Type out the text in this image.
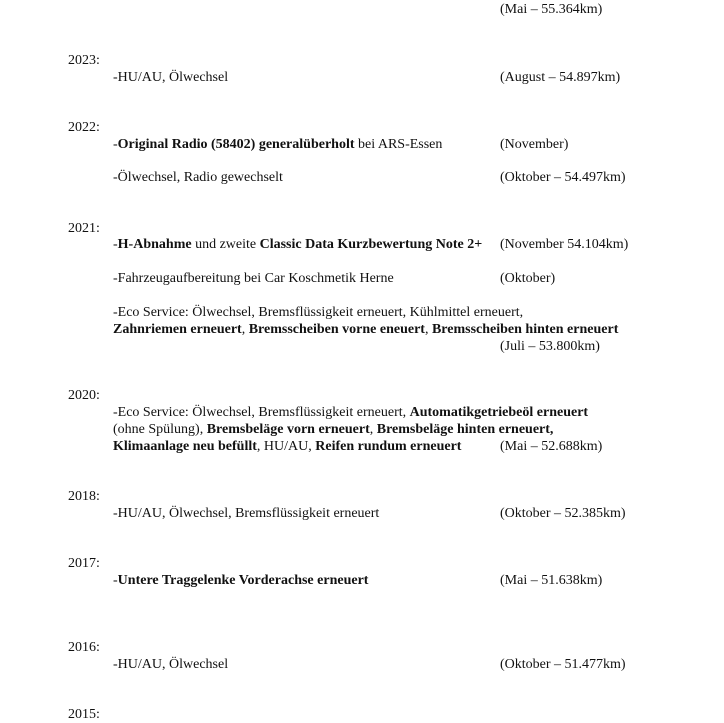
(Mai – 55.364km)
2023:
-HU/AU, Ölwechsel	(August – 54.897km)
2022:
-Original Radio (58402) generalüberholt bei ARS-Essen	(November)
-Ölwechsel, Radio gewechselt	(Oktober – 54.497km)
2021:
-H-Abnahme und zweite Classic Data Kurzbewertung Note 2+ (November 54.104km)
-Fahrzeugaufbereitung bei Car Koschmetik Herne	(Oktober)
-Eco Service: Ölwechsel, Bremsflüssigkeit erneuert, Kühlmittel erneuert,
Zahnriemen erneuert, Bremsscheiben vorne eneuert, Bremsscheiben hinten erneuert
(Juli – 53.800km)
2020:
-Eco Service: Ölwechsel, Bremsflüssigkeit erneuert, Automatikgetriebeöl erneuert
(ohne Spülung), Bremsbeläge vorn erneuert, Bremsbeläge hinten erneuert,
Klimaanlage neu befüllt, HU/AU, Reifen rundum erneuert	(Mai – 52.688km)
2018:
-HU/AU, Ölwechsel, Bremsflüssigkeit erneuert	(Oktober – 52.385km)
2017:
-Untere Traggelenke Vorderachse erneuert	(Mai – 51.638km)
2016:
-HU/AU, Ölwechsel	(Oktober – 51.477km)
2015:
